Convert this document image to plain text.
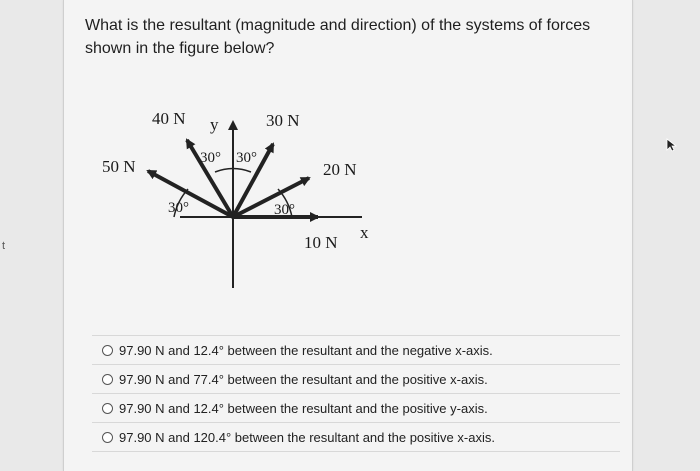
t
What is the resultant (magnitude and direction) of the systems of forces shown in the figure below?
40 N y	30 N
50 N	20 N
10 N
x
30° 30°
30°	30°
97.90 N and 12.4° between the resultant and the negative x-axis.
97.90 N and 77.4° between the resultant and the positive x-axis.
97.90 N and 12.4° between the resultant and the positive y-axis.
97.90 N and 120.4° between the resultant and the positive x-axis.
